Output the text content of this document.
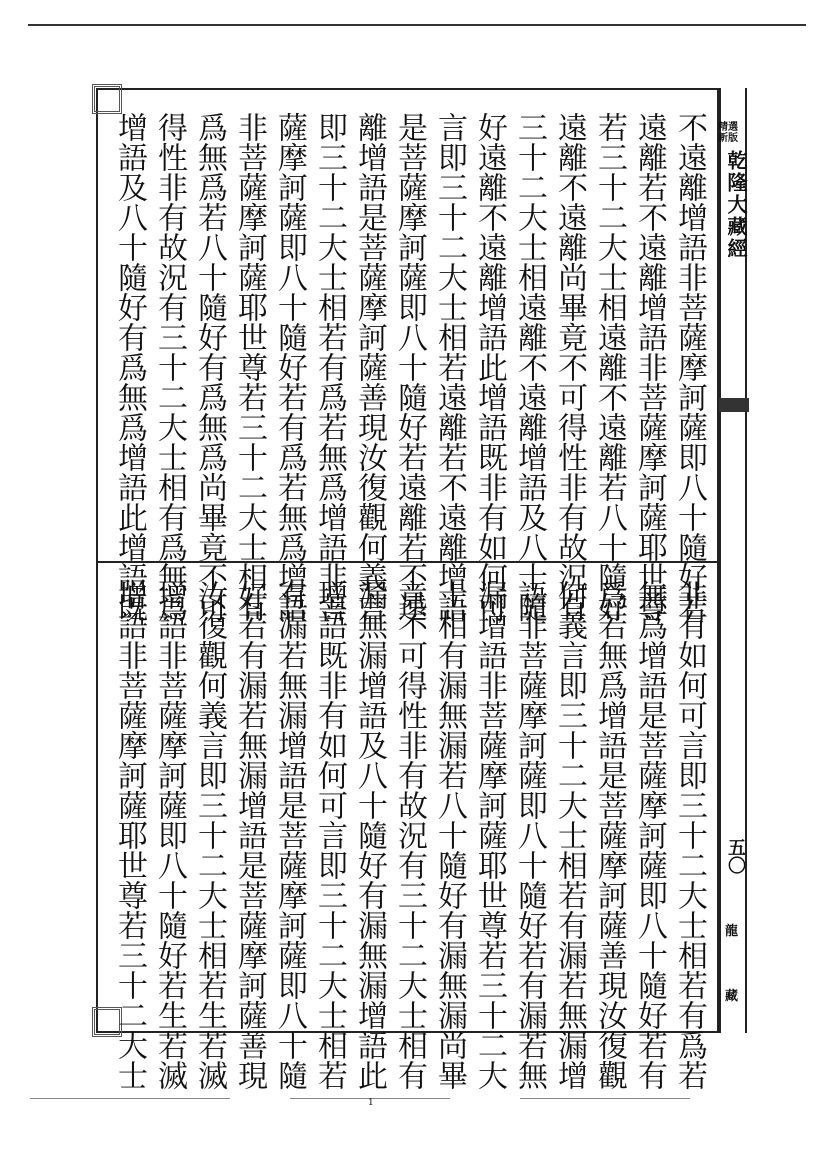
精選新版
乾隆大藏經
五〇
龍
藏
不遠離增語非菩薩摩訶薩即八十隨好若
遠離若不遠離增語非菩薩摩訶薩耶世尊
若三十二大士相遠離不遠離若八十隨好
遠離不遠離尚畢竟不可得性非有故況有
三十二大士相遠離不遠離增語及八十隨
好遠離不遠離增語此增語既非有如何可
言即三十二大士相若遠離若不遠離增語
是菩薩摩訶薩即八十隨好若遠離若不遠
離增語是菩薩摩訶薩善現汝復觀何義言
即三十二大士相若有爲若無爲增語非菩
薩摩訶薩即八十隨好若有爲若無爲增語
非菩薩摩訶薩耶世尊若三十二大士相有
爲無爲若八十隨好有爲無爲尚畢竟不可
得性非有故況有三十二大士相有爲無爲
增語及八十隨好有爲無爲增語此增語既
非有如何可言即三十二大士相若有爲若
無爲增語是菩薩摩訶薩即八十隨好若有
爲若無爲增語是菩薩摩訶薩善現汝復觀
何義言即三十二大士相若有漏若無漏增
語非菩薩摩訶薩即八十隨好若有漏若無
漏增語非菩薩摩訶薩耶世尊若三十二大
士相有漏無漏若八十隨好有漏無漏尚畢
竟不可得性非有故況有三十二大士相有
漏無漏增語及八十隨好有漏無漏增語此
增語既非有如何可言即三十二大士相若
有漏若無漏增語是菩薩摩訶薩即八十隨
好若有漏若無漏增語是菩薩摩訶薩善現
汝復觀何義言即三十二大士相若生若滅
增語非菩薩摩訶薩即八十隨好若生若滅
增語非菩薩摩訶薩耶世尊若三十二大士
1
